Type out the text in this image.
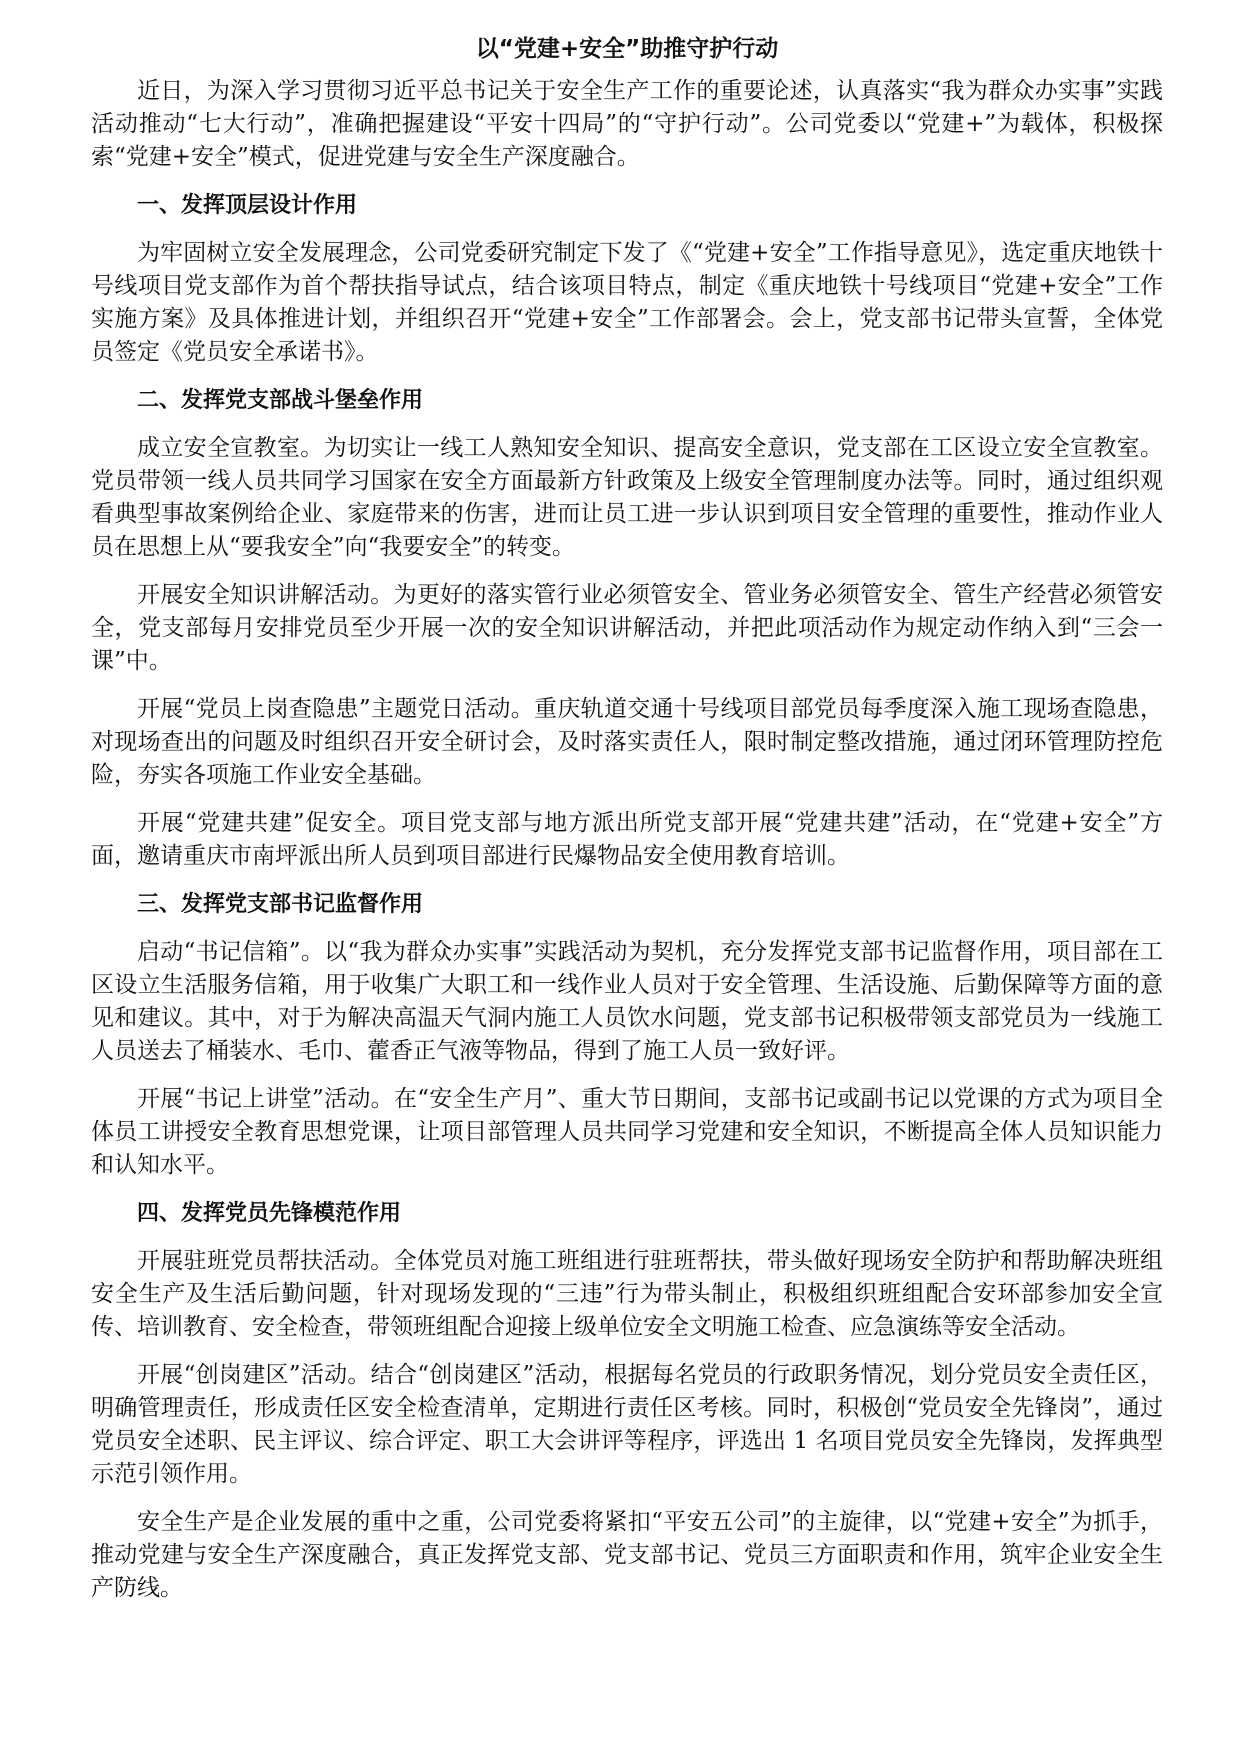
以“党建+安全”助推守护行动

近日，为深入学习贯彻习近平总书记关于安全生产工作的重要论述，认真落实“我为群众办实事”实践活动推动“七大行动”，准确把握建设“平安十四局”的“守护行动”。公司党委以“党建+”为载体，积极探索“党建+安全”模式，促进党建与安全生产深度融合。

一、发挥顶层设计作用

为牢固树立安全发展理念，公司党委研究制定下发了《“党建+安全”工作指导意见》，选定重庆地铁十号线项目党支部作为首个帮扶指导试点，结合该项目特点，制定《重庆地铁十号线项目“党建+安全”工作实施方案》及具体推进计划，并组织召开“党建+安全”工作部署会。会上，党支部书记带头宣誓，全体党员签定《党员安全承诺书》。

二、发挥党支部战斗堡垒作用

成立安全宣教室。为切实让一线工人熟知安全知识、提高安全意识，党支部在工区设立安全宣教室。党员带领一线人员共同学习国家在安全方面最新方针政策及上级安全管理制度办法等。同时，通过组织观看典型事故案例给企业、家庭带来的伤害，进而让员工进一步认识到项目安全管理的重要性，推动作业人员在思想上从“要我安全”向“我要安全”的转变。

开展安全知识讲解活动。为更好的落实管行业必须管安全、管业务必须管安全、管生产经营必须管安全，党支部每月安排党员至少开展一次的安全知识讲解活动，并把此项活动作为规定动作纳入到“三会一课”中。

开展“党员上岗查隐患”主题党日活动。重庆轨道交通十号线项目部党员每季度深入施工现场查隐患，对现场查出的问题及时组织召开安全研讨会，及时落实责任人，限时制定整改措施，通过闭环管理防控危险，夯实各项施工作业安全基础。

开展“党建共建”促安全。项目党支部与地方派出所党支部开展“党建共建”活动，在“党建+安全”方面，邀请重庆市南坪派出所人员到项目部进行民爆物品安全使用教育培训。

三、发挥党支部书记监督作用

启动“书记信箱”。以“我为群众办实事”实践活动为契机，充分发挥党支部书记监督作用，项目部在工区设立生活服务信箱，用于收集广大职工和一线作业人员对于安全管理、生活设施、后勤保障等方面的意见和建议。其中，对于为解决高温天气洞内施工人员饮水问题，党支部书记积极带领支部党员为一线施工人员送去了桶装水、毛巾、藿香正气液等物品，得到了施工人员一致好评。

开展“书记上讲堂”活动。在“安全生产月”、重大节日期间，支部书记或副书记以党课的方式为项目全体员工讲授安全教育思想党课，让项目部管理人员共同学习党建和安全知识，不断提高全体人员知识能力和认知水平。

四、发挥党员先锋模范作用

开展驻班党员帮扶活动。全体党员对施工班组进行驻班帮扶，带头做好现场安全防护和帮助解决班组安全生产及生活后勤问题，针对现场发现的“三违”行为带头制止，积极组织班组配合安环部参加安全宣传、培训教育、安全检查，带领班组配合迎接上级单位安全文明施工检查、应急演练等安全活动。

开展“创岗建区”活动。结合“创岗建区”活动，根据每名党员的行政职务情况，划分党员安全责任区，明确管理责任，形成责任区安全检查清单，定期进行责任区考核。同时，积极创“党员安全先锋岗”，通过党员安全述职、民主评议、综合评定、职工大会讲评等程序，评选出 1 名项目党员安全先锋岗，发挥典型示范引领作用。

安全生产是企业发展的重中之重，公司党委将紧扣“平安五公司”的主旋律，以“党建+安全”为抓手，推动党建与安全生产深度融合，真正发挥党支部、党支部书记、党员三方面职责和作用，筑牢企业安全生产防线。
